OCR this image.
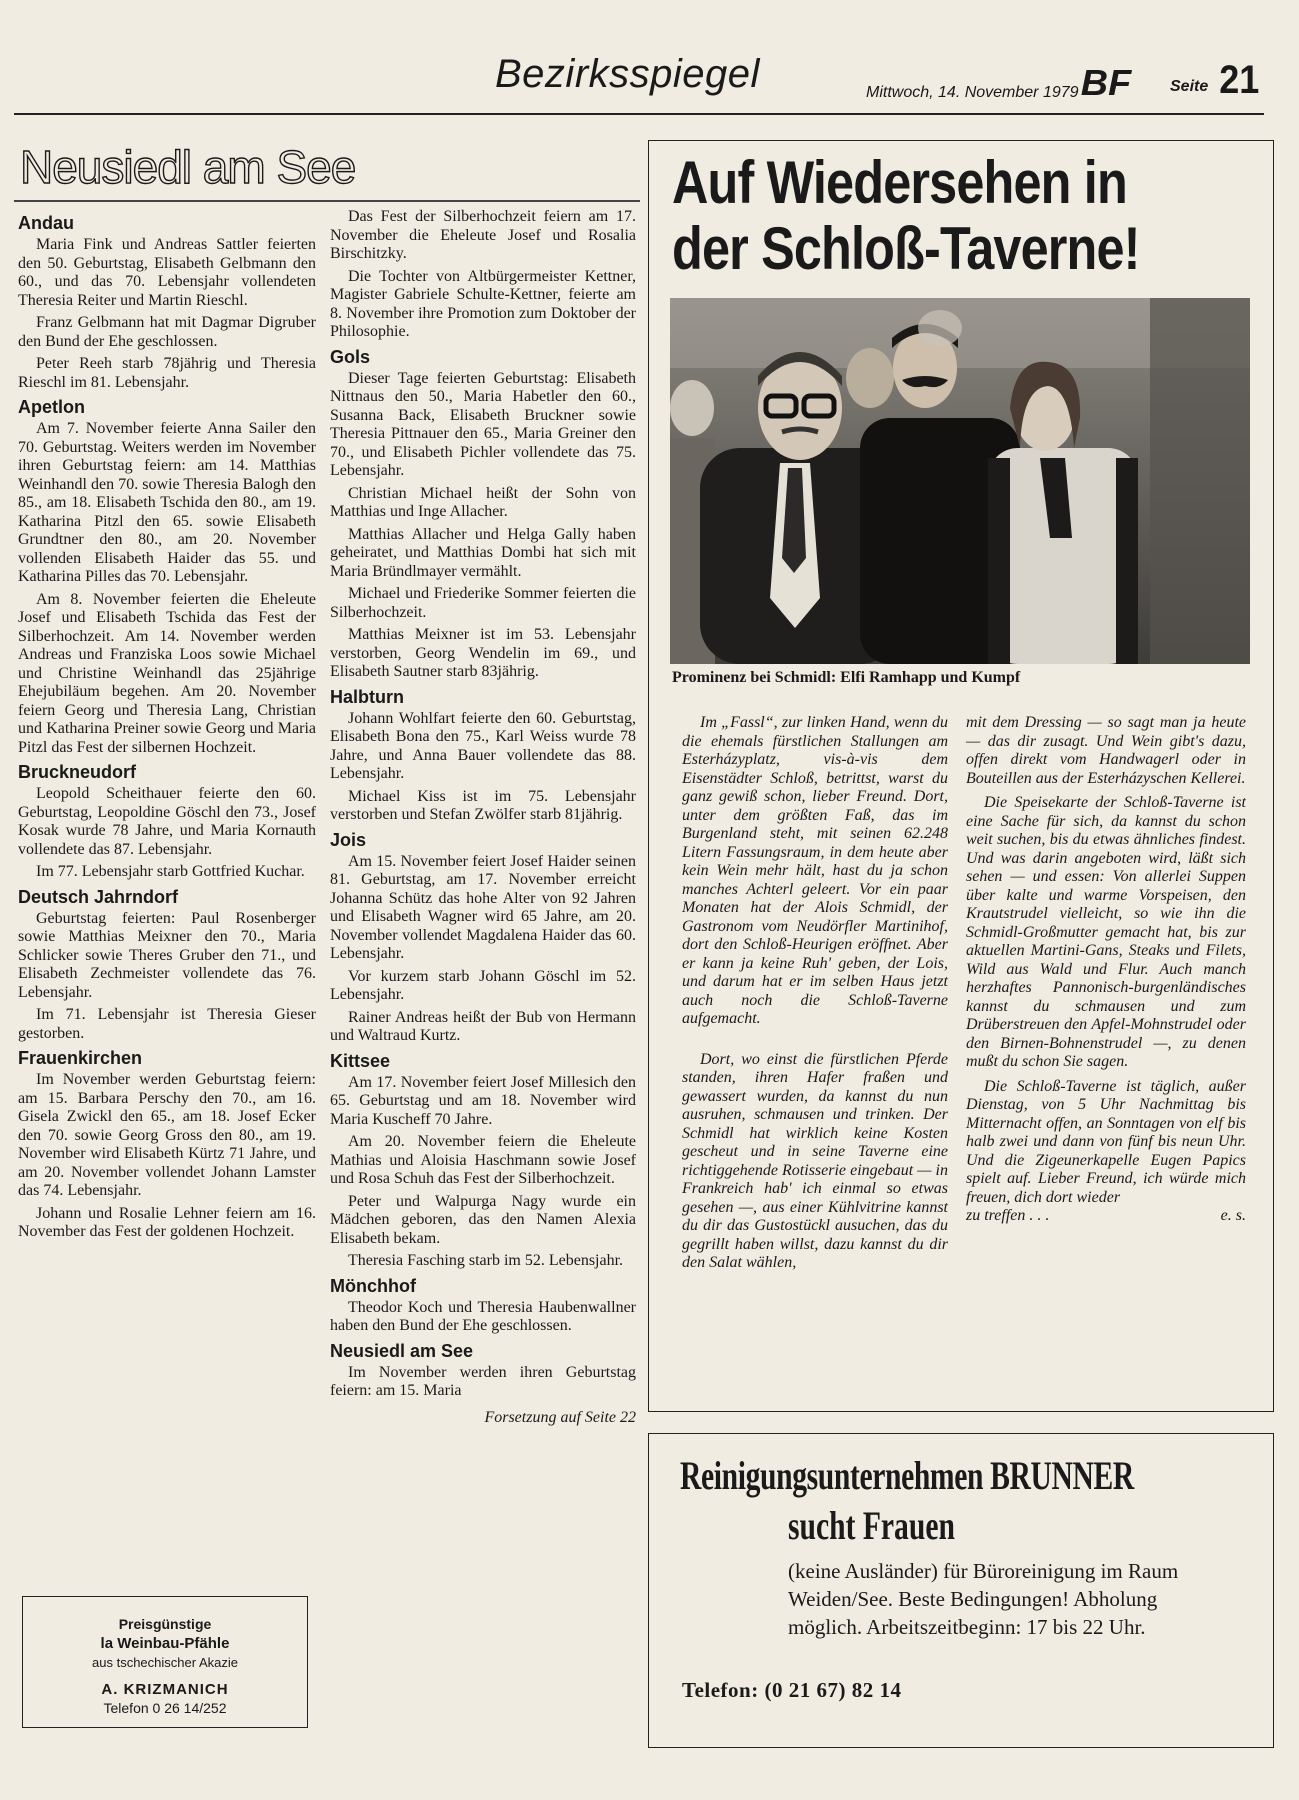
Bezirksspiegel	Mittwoch, 14. November 1979 BF Seite 21
Neusiedl am See
Andau

Maria Fink und Andreas Sattler feierten den 50. Geburtstag, Elisabeth Gelbmann den 60., und das 70. Lebensjahr vollendeten Theresia Reiter und Martin Rieschl.

Franz Gelbmann hat mit Dagmar Digruber den Bund der Ehe geschlossen.

Peter Reeh starb 78jährig und Theresia Rieschl im 81. Lebensjahr.

Apetlon

Am 7. November feierte Anna Sailer den 70. Geburtstag. Weiters werden im November ihren Geburtstag feiern: am 14. Matthias Weinhandl den 70. sowie Theresia Balogh den 85., am 18. Elisabeth Tschida den 80., am 19. Katharina Pitzl den 65. sowie Elisabeth Grundtner den 80., am 20. November vollenden Elisabeth Haider das 55. und Katharina Pilles das 70. Lebensjahr.

Am 8. November feierten die Eheleute Josef und Elisabeth Tschida das Fest der Silberhochzeit. Am 14. November werden Andreas und Franziska Loos sowie Michael und Christine Weinhandl das 25jährige Ehejubiläum begehen. Am 20. November feiern Georg und Theresia Lang, Christian und Katharina Preiner sowie Georg und Maria Pitzl das Fest der silbernen Hochzeit.

Bruckneudorf

Leopold Scheithauer feierte den 60. Geburtstag, Leopoldine Göschl den 73., Josef Kosak wurde 78 Jahre, und Maria Kornauth vollendete das 87. Lebensjahr.

Im 77. Lebensjahr starb Gottfried Kuchar.

Deutsch Jahrndorf

Geburtstag feierten: Paul Rosenberger sowie Matthias Meixner den 70., Maria Schlicker sowie Theres Gruber den 71., und Elisabeth Zechmeister vollendete das 76. Lebensjahr.

Im 71. Lebensjahr ist Theresia Gieser gestorben.

Frauenkirchen

Im November werden Geburtstag feiern: am 15. Barbara Perschy den 70., am 16. Gisela Zwickl den 65., am 18. Josef Ecker den 70. sowie Georg Gross den 80., am 19. November wird Elisabeth Kürtz 71 Jahre, und am 20. November vollendet Johann Lamster das 74. Lebensjahr.

Johann und Rosalie Lehner feiern am 16. November das Fest der goldenen Hochzeit.

Preisgünstige
la Weinbau-Pfähle
aus tschechischer Akazie
A. KRIZMANICH
Telefon 0 26 14/252

Das Fest der Silberhochzeit feiern am 17. November die Eheleute Josef und Rosalia Birschitzky.

Die Tochter von Altbürgermeister Kettner, Magister Gabriele Schulte-Kettner, feierte am 8. November ihre Promotion zum Doktober der Philosophie.

Gols

Dieser Tage feierten Geburtstag: Elisabeth Nittnaus den 50., Maria Habetler den 60., Susanna Back, Elisabeth Bruckner sowie Theresia Pittnauer den 65., Maria Greiner den 70., und Elisabeth Pichler vollendete das 75. Lebensjahr.

Christian Michael heißt der Sohn von Matthias und Inge Allacher.

Matthias Allacher und Helga Gally haben geheiratet, und Matthias Dombi hat sich mit Maria Bründlmayer vermählt.

Michael und Friederike Sommer feierten die Silberhochzeit.

Matthias Meixner ist im 53. Lebensjahr verstorben, Georg Wendelin im 69., und Elisabeth Sautner starb 83jährig.

Halbturn

Johann Wohlfart feierte den 60. Geburtstag, Elisabeth Bona den 75., Karl Weiss wurde 78 Jahre, und Anna Bauer vollendete das 88. Lebensjahr.

Michael Kiss ist im 75. Lebensjahr verstorben und Stefan Zwölfer starb 81jährig.

Jois

Am 15. November feiert Josef Haider seinen 81. Geburtstag, am 17. November erreicht Johanna Schütz das hohe Alter von 92 Jahren und Elisabeth Wagner wird 65 Jahre, am 20. November vollendet Magdalena Haider das 60. Lebensjahr.

Vor kurzem starb Johann Göschl im 52. Lebensjahr.

Rainer Andreas heißt der Bub von Hermann und Waltraud Kurtz.

Kittsee

Am 17. November feiert Josef Millesich den 65. Geburtstag und am 18. November wird Maria Kuscheff 70 Jahre.

Am 20. November feiern die Eheleute Mathias und Aloisia Haschmann sowie Josef und Rosa Schuh das Fest der Silberhochzeit.

Peter und Walpurga Nagy wurde ein Mädchen geboren, das den Namen Alexia Elisabeth bekam.

Theresia Fasching starb im 52. Lebensjahr.

Mönchhof

Theodor Koch und Theresia Haubenwallner haben den Bund der Ehe geschlossen.

Neusiedl am See

Im November werden ihren Geburtstag feiern: am 15. Maria

Forsetzung auf Seite 22
Auf Wiedersehen in
der Schloß-Taverne!
Prominenz bei Schmidl: Elfi Ramhapp und Kumpf

Im „Fassl“, zur linken Hand, wenn du die ehemals fürstlichen Stallungen am Esterházyplatz, vis-à-vis dem Eisenstädter Schloß, betrittst, warst du ganz gewiß schon, lieber Freund. Dort, unter dem größten Faß, das im Burgenland steht, mit seinen 62.248 Litern Fassungsraum, in dem heute aber kein Wein mehr hält, hast du ja schon manches Achterl geleert. Vor ein paar Monaten hat der Alois Schmidl, der Gastronom vom Neudörfler Martinihof, dort den Schloß-Heurigen eröffnet. Aber er kann ja keine Ruh' geben, der Lois, und darum hat er im selben Haus jetzt auch noch die Schloß-Taverne aufgemacht.

Dort, wo einst die fürstlichen Pferde standen, ihren Hafer fraßen und gewassert wurden, da kannst du nun ausruhen, schmausen und trinken. Der Schmidl hat wirklich keine Kosten gescheut und in seine Taverne eine richtiggehende Rotisserie eingebaut — in Frankreich hab' ich einmal so etwas gesehen —, aus einer Kühlvitrine kannst du dir das Gustostückl ausuchen, das du gegrillt haben willst, dazu kannst du dir den Salat wählen,

mit dem Dressing — so sagt man ja heute — das dir zusagt. Und Wein gibt's dazu, offen direkt vom Handwagerl oder in Bouteillen aus der Esterházyschen Kellerei.

Die Speisekarte der Schloß-Taverne ist eine Sache für sich, da kannst du schon weit suchen, bis du etwas ähnliches findest. Und was darin angeboten wird, läßt sich sehen — und essen: Von allerlei Suppen über kalte und warme Vorspeisen, den Krautstrudel vielleicht, so wie ihn die Schmidl-Großmutter gemacht hat, bis zur aktuellen Martini-Gans, Steaks und Filets, Wild aus Wald und Flur. Auch manch herzhaftes Pannonisch-burgenländisches kannst du schmausen und zum Drüberstreuen den Apfel-Mohnstrudel oder den Birnen-Bohnenstrudel —, zu denen mußt du schon Sie sagen.

Die Schloß-Taverne ist täglich, außer Dienstag, von 5 Uhr Nachmittag bis Mitternacht offen, an Sonntagen von elf bis halb zwei und dann von fünf bis neun Uhr. Und die Zigeunerkapelle Eugen Papics spielt auf. Lieber Freund, ich würde mich freuen, dich dort wieder

zu treffen . . .	e. s.
Reinigungsunternehmen BRUNNER
sucht Frauen
(keine Ausländer) für Büroreinigung im Raum Weiden/See. Beste Bedingungen! Abholung möglich. Arbeitszeitbeginn: 17 bis 22 Uhr.
Telefon: (0 21 67) 82 14
